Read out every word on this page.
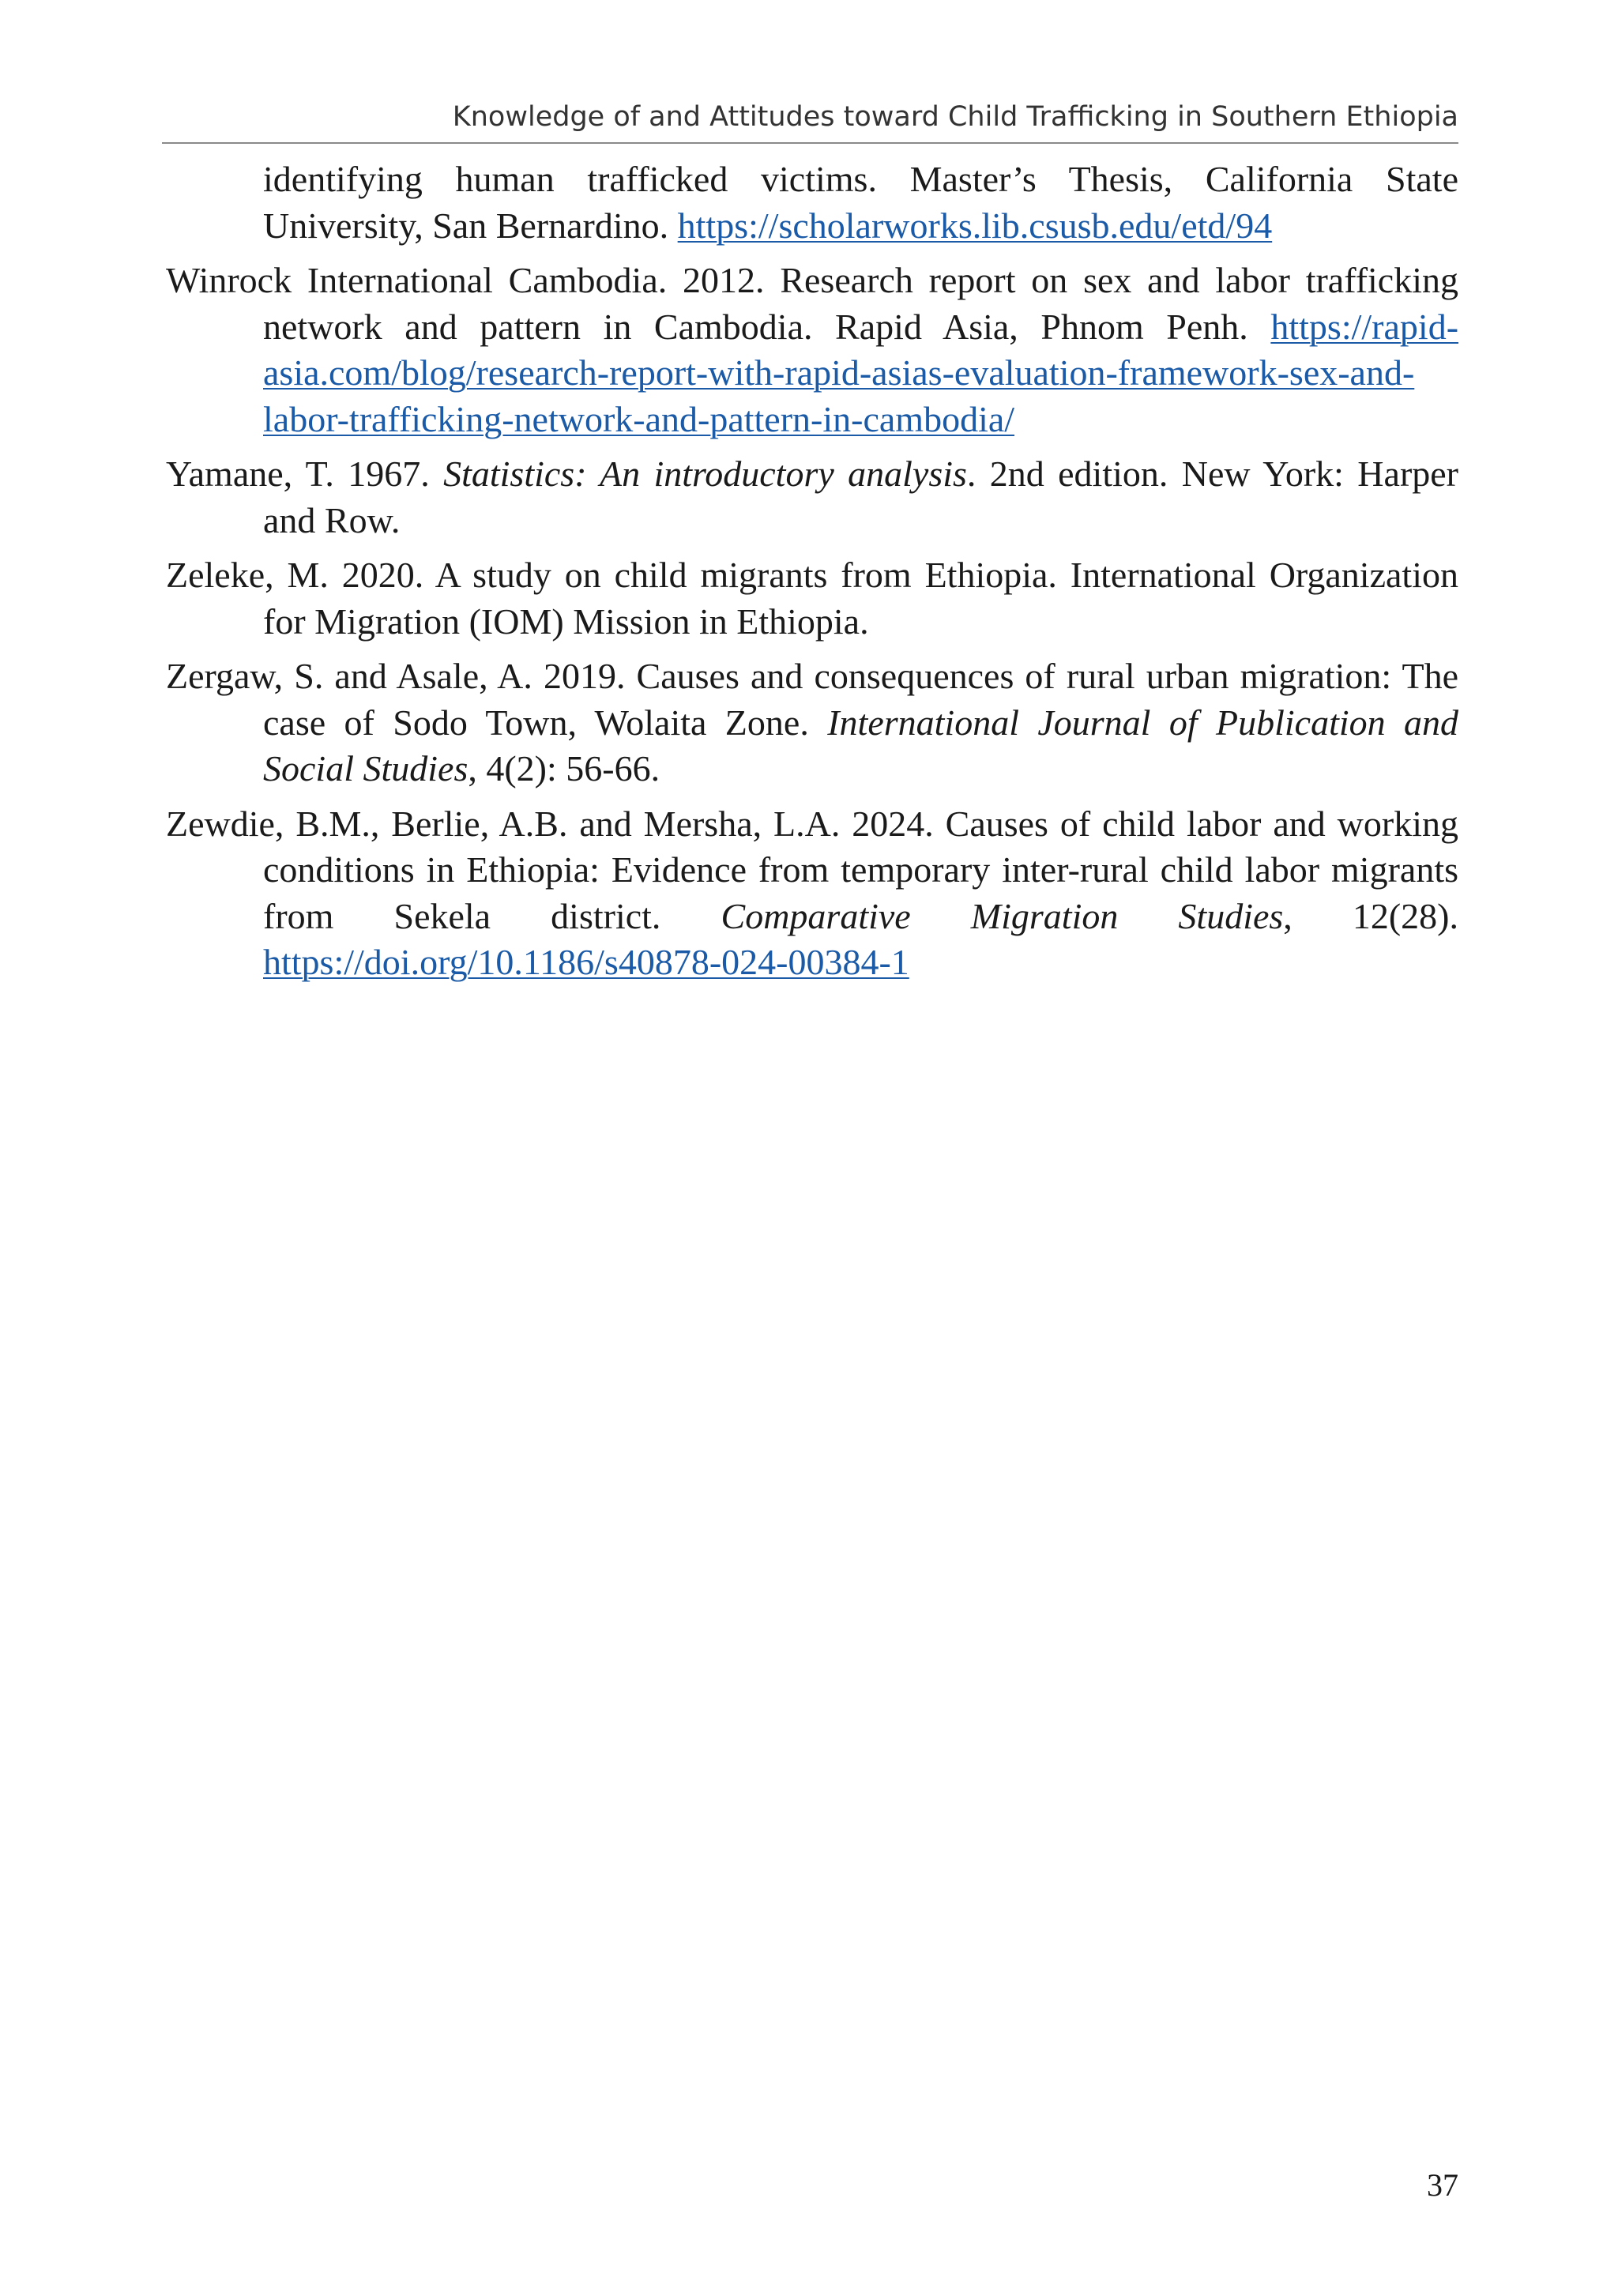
Knowledge of and Attitudes toward Child Trafficking in Southern Ethiopia

identifying human trafficked victims. Master’s Thesis, California State University, San Bernardino. https://scholarworks.lib.csusb.edu/etd/94

Winrock International Cambodia. 2012. Research report on sex and labor trafficking network and pattern in Cambodia. Rapid Asia, Phnom Penh. https://rapid-asia.com/blog/research-report-with-rapid-asias-evaluation-framework-sex-and-labor-trafficking-network-and-pattern-in-cambodia/

Yamane, T. 1967. Statistics: An introductory analysis. 2nd edition. New York: Harper and Row.

Zeleke, M. 2020. A study on child migrants from Ethiopia. International Organization for Migration (IOM) Mission in Ethiopia.

Zergaw, S. and Asale, A. 2019. Causes and consequences of rural urban migration: The case of Sodo Town, Wolaita Zone. International Journal of Publication and Social Studies, 4(2): 56-66.

Zewdie, B.M., Berlie, A.B. and Mersha, L.A. 2024. Causes of child labor and working conditions in Ethiopia: Evidence from temporary inter-rural child labor migrants from Sekela district. Comparative Migration Studies, 12(28). https://doi.org/10.1186/s40878-024-00384-1

37
